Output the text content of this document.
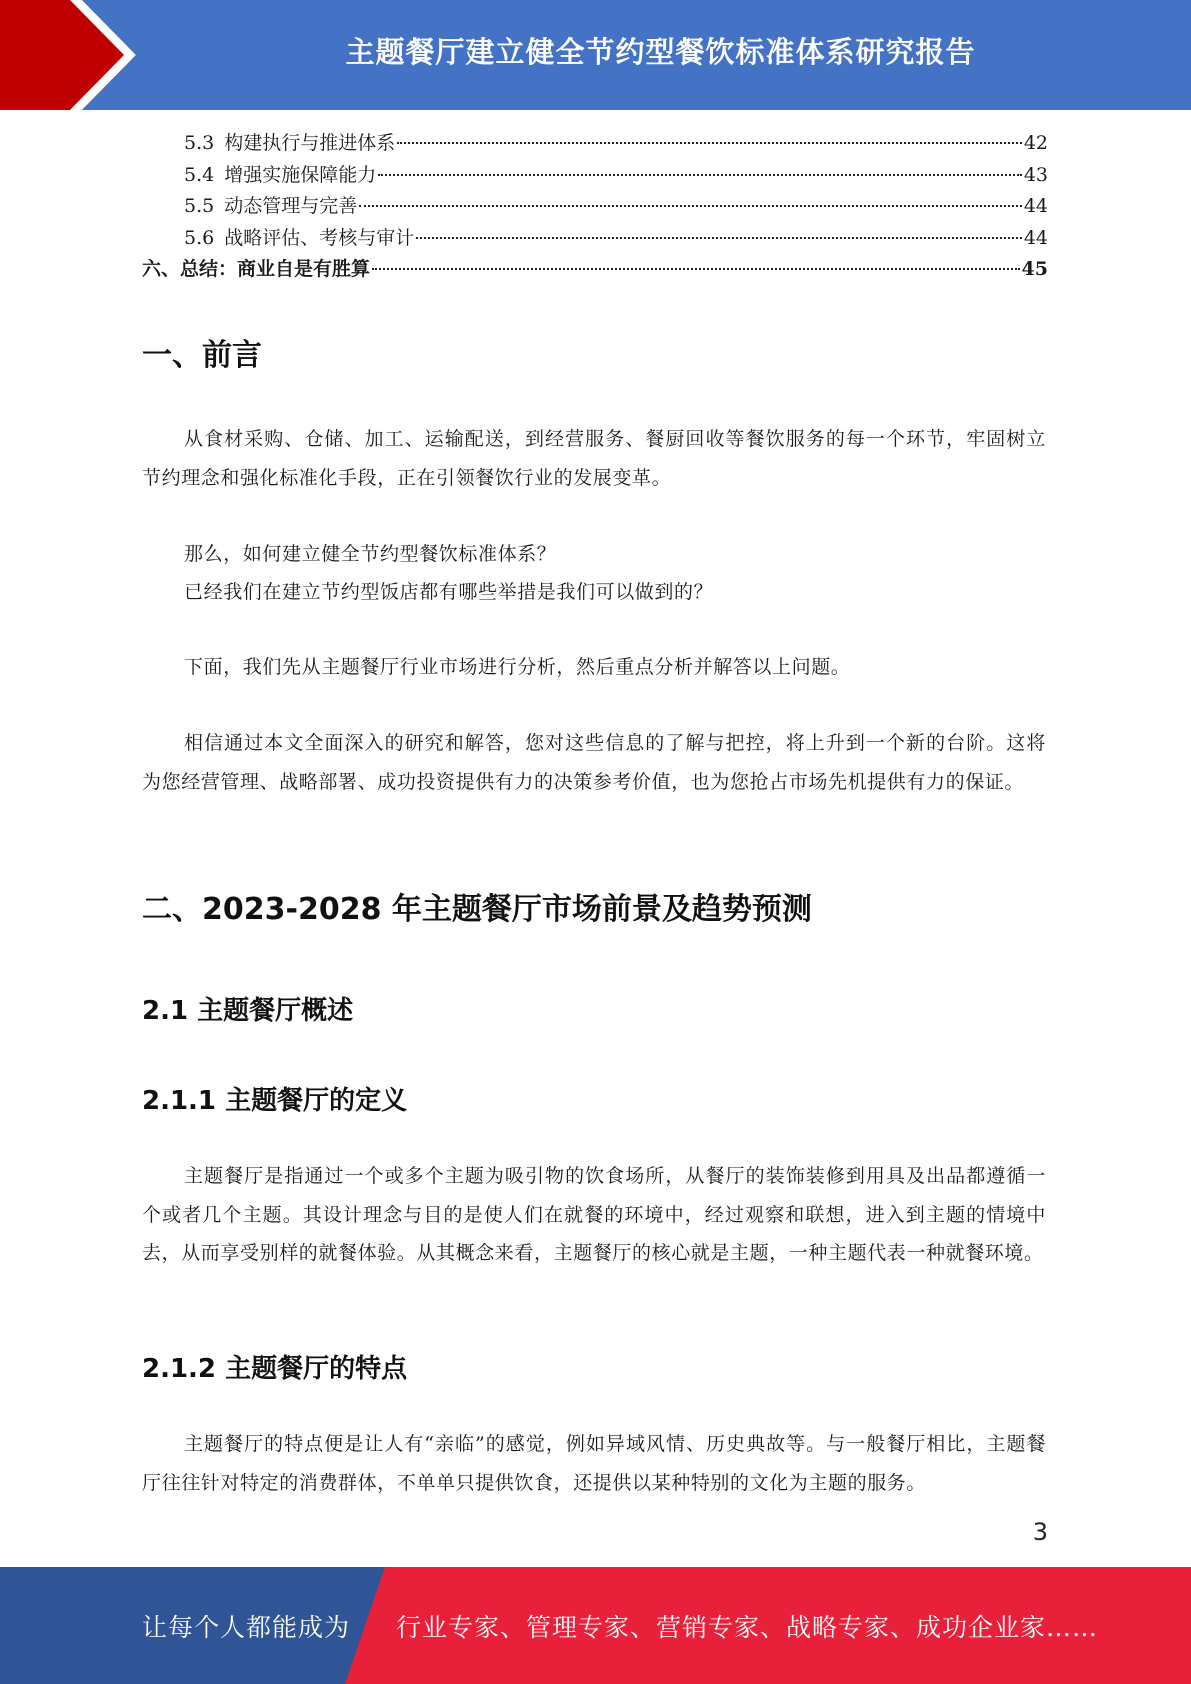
主题餐厅建立健全节约型餐饮标准体系研究报告
5.3 构建执行与推进体系	42
5.4 增强实施保障能力	43
5.5 动态管理与完善	44
5.6 战略评估、考核与审计	44
六、总结：商业自是有胜算	45
一、前言
从食材采购、仓储、加工、运输配送，到经营服务、餐厨回收等餐饮服务的每一个环节，牢固树立节约理念和强化标准化手段，正在引领餐饮行业的发展变革。
那么，如何建立健全节约型餐饮标准体系？
已经我们在建立节约型饭店都有哪些举措是我们可以做到的？
下面，我们先从主题餐厅行业市场进行分析，然后重点分析并解答以上问题。
相信通过本文全面深入的研究和解答，您对这些信息的了解与把控，将上升到一个新的台阶。这将为您经营管理、战略部署、成功投资提供有力的决策参考价值，也为您抢占市场先机提供有力的保证。
二、2023-2028 年主题餐厅市场前景及趋势预测
2.1 主题餐厅概述
2.1.1 主题餐厅的定义
主题餐厅是指通过一个或多个主题为吸引物的饮食场所，从餐厅的装饰装修到用具及出品都遵循一个或者几个主题。其设计理念与目的是使人们在就餐的环境中，经过观察和联想，进入到主题的情境中去，从而享受别样的就餐体验。从其概念来看，主题餐厅的核心就是主题，一种主题代表一种就餐环境。
2.1.2 主题餐厅的特点
主题餐厅的特点便是让人有“亲临”的感觉，例如异域风情、历史典故等。与一般餐厅相比，主题餐厅往往针对特定的消费群体，不单单只提供饮食，还提供以某种特别的文化为主题的服务。
3
让每个人都能成为 行业专家、管理专家、营销专家、战略专家、成功企业家……
